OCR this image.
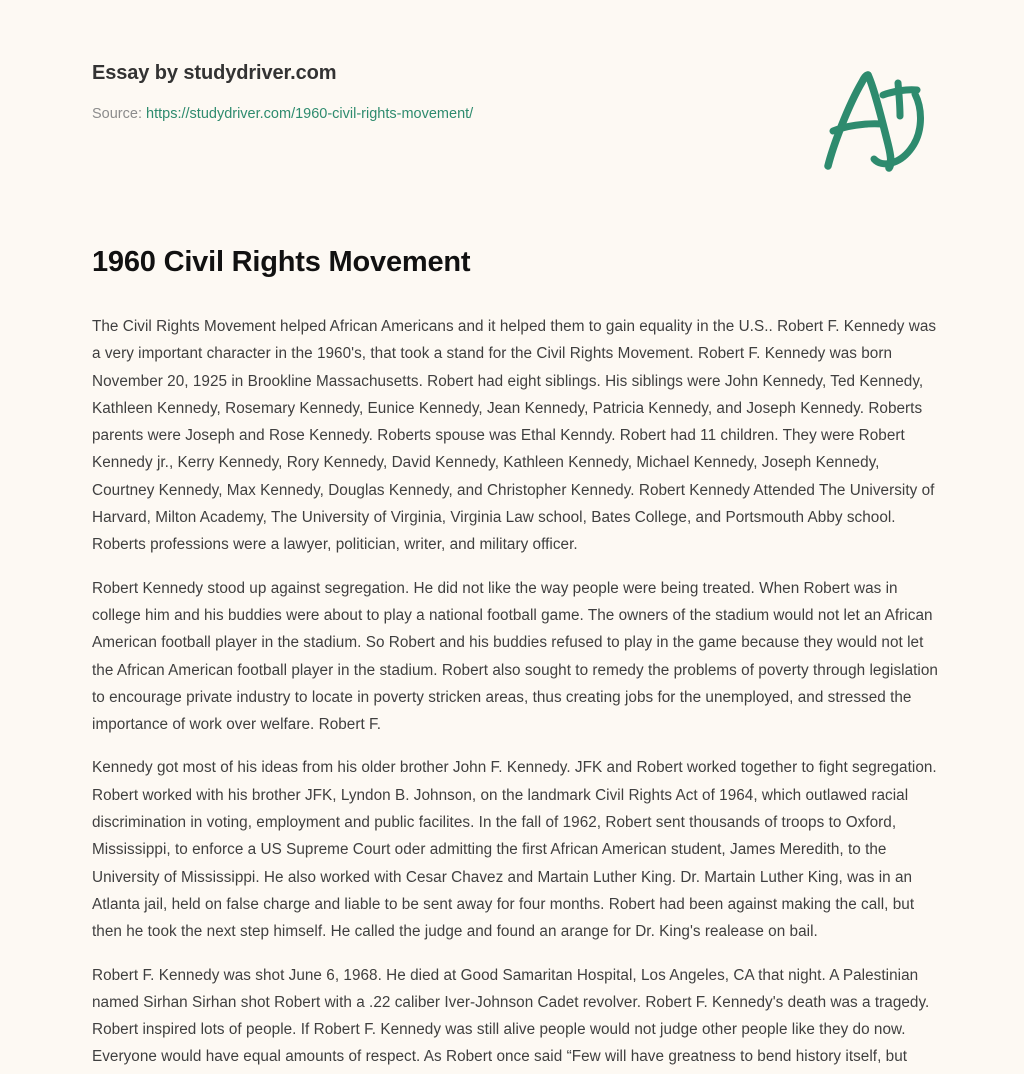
Essay by studydriver.com
Source: https://studydriver.com/1960-civil-rights-movement/
1960 Civil Rights Movement

The Civil Rights Movement helped African Americans and it helped them to gain equality in the U.S.. Robert F. Kennedy was a very important character in the 1960's, that took a stand for the Civil Rights Movement. Robert F. Kennedy was born November 20, 1925 in Brookline Massachusetts. Robert had eight siblings. His siblings were John Kennedy, Ted Kennedy, Kathleen Kennedy, Rosemary Kennedy, Eunice Kennedy, Jean Kennedy, Patricia Kennedy, and Joseph Kennedy. Roberts parents were Joseph and Rose Kennedy. Roberts spouse was Ethal Kenndy. Robert had 11 children. They were Robert Kennedy jr., Kerry Kennedy, Rory Kennedy, David Kennedy, Kathleen Kennedy, Michael Kennedy, Joseph Kennedy, Courtney Kennedy, Max Kennedy, Douglas Kennedy, and Christopher Kennedy. Robert Kennedy Attended The University of Harvard, Milton Academy, The University of Virginia, Virginia Law school, Bates College, and Portsmouth Abby school. Roberts professions were a lawyer, politician, writer, and military officer.

Robert Kennedy stood up against segregation. He did not like the way people were being treated. When Robert was in college him and his buddies were about to play a national football game. The owners of the stadium would not let an African American football player in the stadium. So Robert and his buddies refused to play in the game because they would not let the African American football player in the stadium. Robert also sought to remedy the problems of poverty through legislation to encourage private industry to locate in poverty stricken areas, thus creating jobs for the unemployed, and stressed the importance of work over welfare. Robert F.

Kennedy got most of his ideas from his older brother John F. Kennedy. JFK and Robert worked together to fight segregation. Robert worked with his brother JFK, Lyndon B. Johnson, on the landmark Civil Rights Act of 1964, which outlawed racial discrimination in voting, employment and public facilites. In the fall of 1962, Robert sent thousands of troops to Oxford, Mississippi, to enforce a US Supreme Court oder admitting the first African American student, James Meredith, to the University of Mississippi. He also worked with Cesar Chavez and Martain Luther King. Dr. Martain Luther King, was in an Atlanta jail, held on false charge and liable to be sent away for four months. Robert had been against making the call, but then he took the next step himself. He called the judge and found an arange for Dr. King's realease on bail.

Robert F. Kennedy was shot June 6, 1968. He died at Good Samaritan Hospital, Los Angeles, CA that night. A Palestinian named Sirhan Sirhan shot Robert with a .22 caliber Iver-Johnson Cadet revolver. Robert F. Kennedy's death was a tragedy. Robert inspired lots of people. If Robert F. Kennedy was still alive people would not judge other people like they do now. Everyone would have equal amounts of respect. As Robert once said “Few will have greatness to bend history itself, but
